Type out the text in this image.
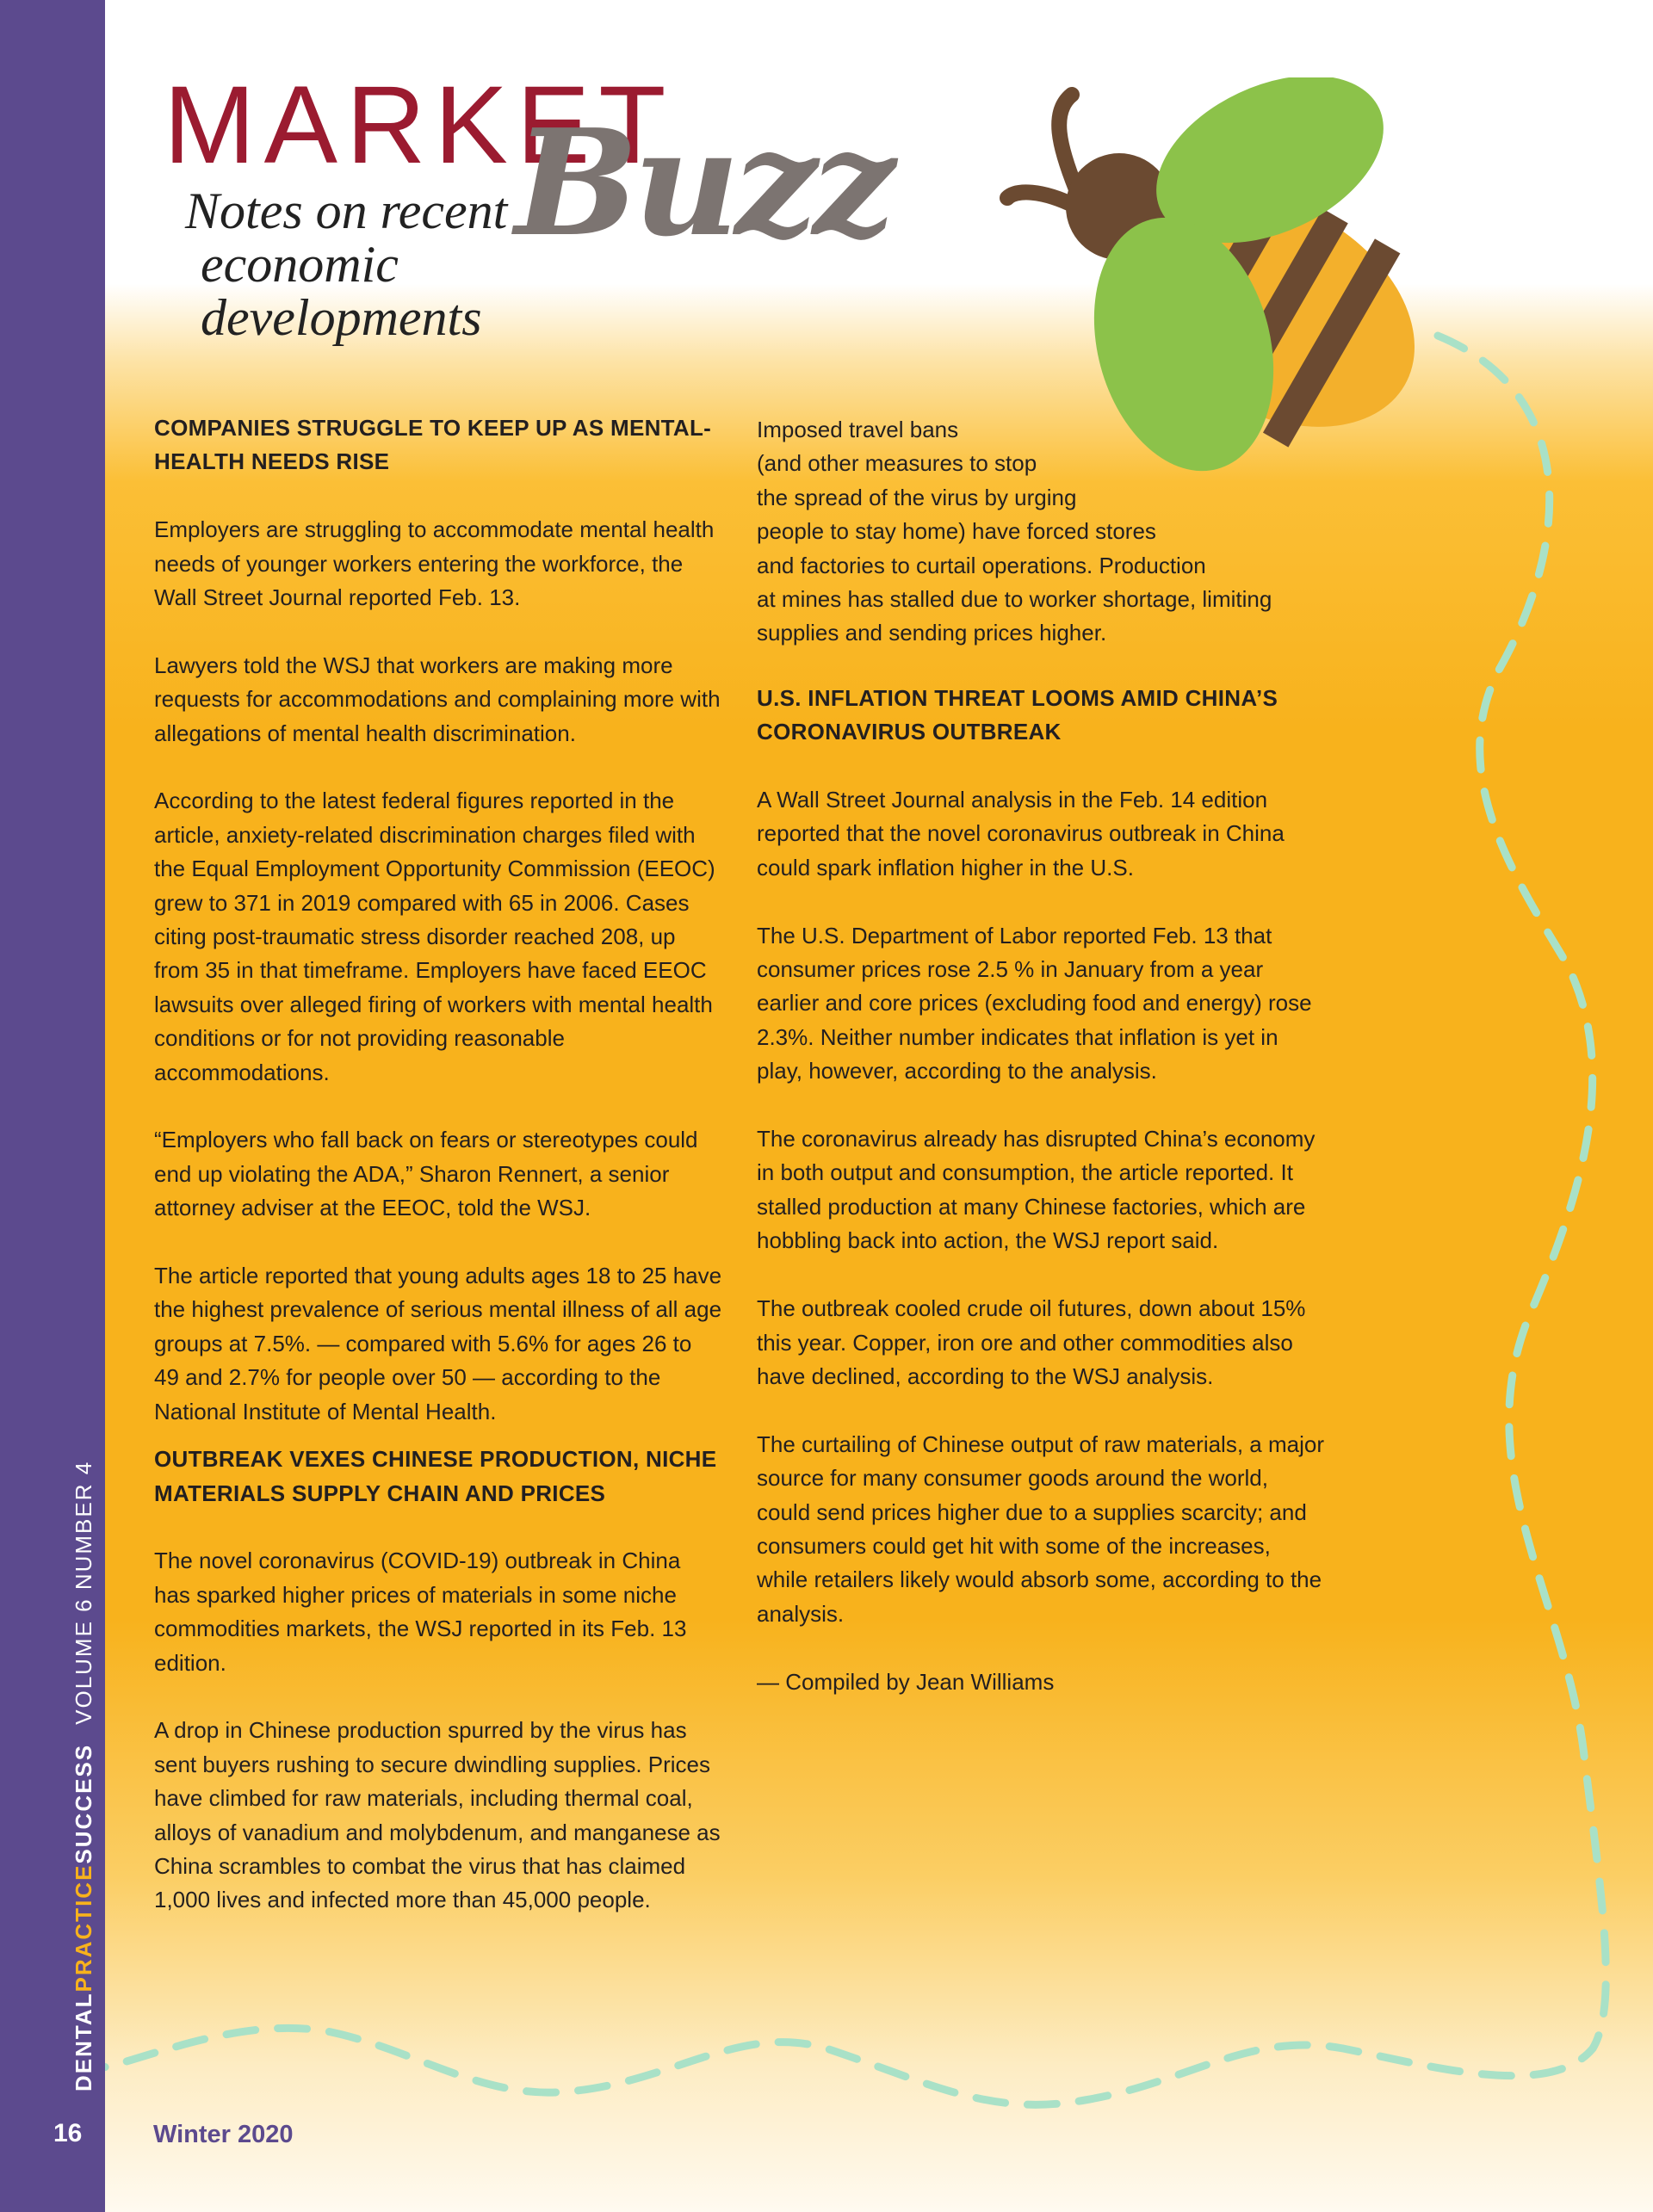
DENTALPRACTICESUCCESSVOLUME 6 NUMBER 4
16	Winter 2020
MARKET
Buzz
Notes on recent
economic developments
COMPANIES STRUGGLE TO KEEP UP AS MENTAL-HEALTH NEEDS RISE

Employers are struggling to accommodate mental health needs of younger workers entering the workforce, the Wall Street Journal reported Feb. 13.

Lawyers told the WSJ that workers are making more requests for accommodations and complaining more with allegations of mental health discrimination.

According to the latest federal figures reported in the article, anxiety-related discrimination charges filed with the Equal Employment Opportunity Commission (EEOC) grew to 371 in 2019 compared with 65 in 2006. Cases citing post-traumatic stress disorder reached 208, up from 35 in that timeframe. Employers have faced EEOC lawsuits over alleged firing of workers with mental health conditions or for not providing reasonable accommodations.

“Employers who fall back on fears or stereotypes could end up violating the ADA,” Sharon Rennert, a senior attorney adviser at the EEOC, told the WSJ.

The article reported that young adults ages 18 to 25 have the highest prevalence of serious mental illness of all age groups at 7.5%. — compared with 5.6% for ages 26 to 49 and 2.7% for people over 50 — according to the National Institute of Mental Health.

OUTBREAK VEXES CHINESE PRODUCTION, NICHE MATERIALS SUPPLY CHAIN AND PRICES

The novel coronavirus (COVID-19) outbreak in China has sparked higher prices of materials in some niche commodities markets, the WSJ reported in its Feb. 13 edition.

A drop in Chinese production spurred by the virus has sent buyers rushing to secure dwindling supplies. Prices have climbed for raw materials, including thermal coal, alloys of vanadium and molybdenum, and manganese as China scrambles to combat the virus that has claimed 1,000 lives and infected more than 45,000 people.

Imposed travel bans
(and other measures to stop
the spread of the virus by urging
people to stay home) have forced stores
and factories to curtail operations. Production
at mines has stalled due to worker shortage, limiting
supplies and sending prices higher.

U.S. INFLATION THREAT LOOMS AMID CHINA’S CORONAVIRUS OUTBREAK

A Wall Street Journal analysis in the Feb. 14 edition reported that the novel coronavirus outbreak in China could spark inflation higher in the U.S.

The U.S. Department of Labor reported Feb. 13 that consumer prices rose 2.5 % in January from a year earlier and core prices (excluding food and energy) rose 2.3%. Neither number indicates that inflation is yet in play, however, according to the analysis.

The coronavirus already has disrupted China’s economy in both output and consumption, the article reported. It stalled production at many Chinese factories, which are hobbling back into action, the WSJ report said.

The outbreak cooled crude oil futures, down about 15% this year. Copper, iron ore and other commodities also have declined, according to the WSJ analysis.

The curtailing of Chinese output of raw materials, a major source for many consumer goods around the world, could send prices higher due to a supplies scarcity; and consumers could get hit with some of the increases, while retailers likely would absorb some, according to the analysis.

— Compiled by Jean Williams
